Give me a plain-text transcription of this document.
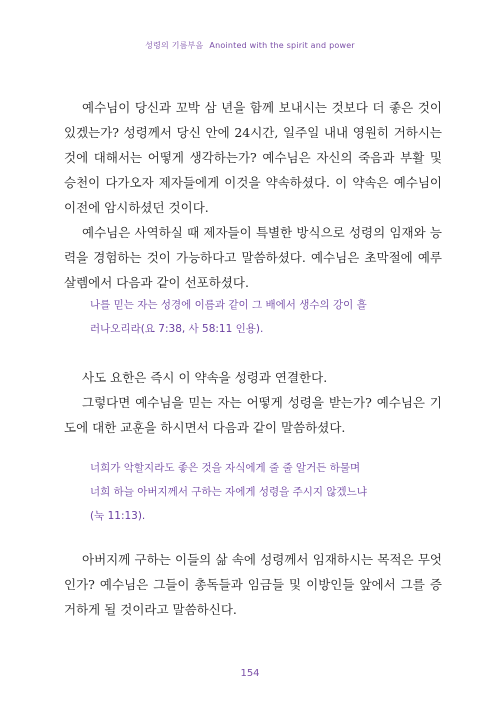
성령의 기름부음 Anointed with the spirit and power

예수님이 당신과 꼬박 삼 년을 함께 보내시는 것보다 더 좋은 것이 있겠는가? 성령께서 당신 안에 24시간, 일주일 내내 영원히 거하시는 것에 대해서는 어떻게 생각하는가? 예수님은 자신의 죽음과 부활 및 승천이 다가오자 제자들에게 이것을 약속하셨다. 이 약속은 예수님이 이전에 암시하셨던 것이다.

예수님은 사역하실 때 제자들이 특별한 방식으로 성령의 임재와 능력을 경험하는 것이 가능하다고 말씀하셨다. 예수님은 초막절에 예루살렘에서 다음과 같이 선포하셨다.

나를 믿는 자는 성경에 이름과 같이 그 배에서 생수의 강이 흘
러나오리라(요 7:38, 사 58:11 인용).

사도 요한은 즉시 이 약속을 성령과 연결한다.

그렇다면 예수님을 믿는 자는 어떻게 성령을 받는가? 예수님은 기도에 대한 교훈을 하시면서 다음과 같이 말씀하셨다.

너희가 악할지라도 좋은 것을 자식에게 줄 줄 알거든 하물며
너희 하늘 아버지께서 구하는 자에게 성령을 주시지 않겠느냐
(눅 11:13).

아버지께 구하는 이들의 삶 속에 성령께서 임재하시는 목적은 무엇인가? 예수님은 그들이 총독들과 임금들 및 이방인들 앞에서 그를 증거하게 될 것이라고 말씀하신다.

154
